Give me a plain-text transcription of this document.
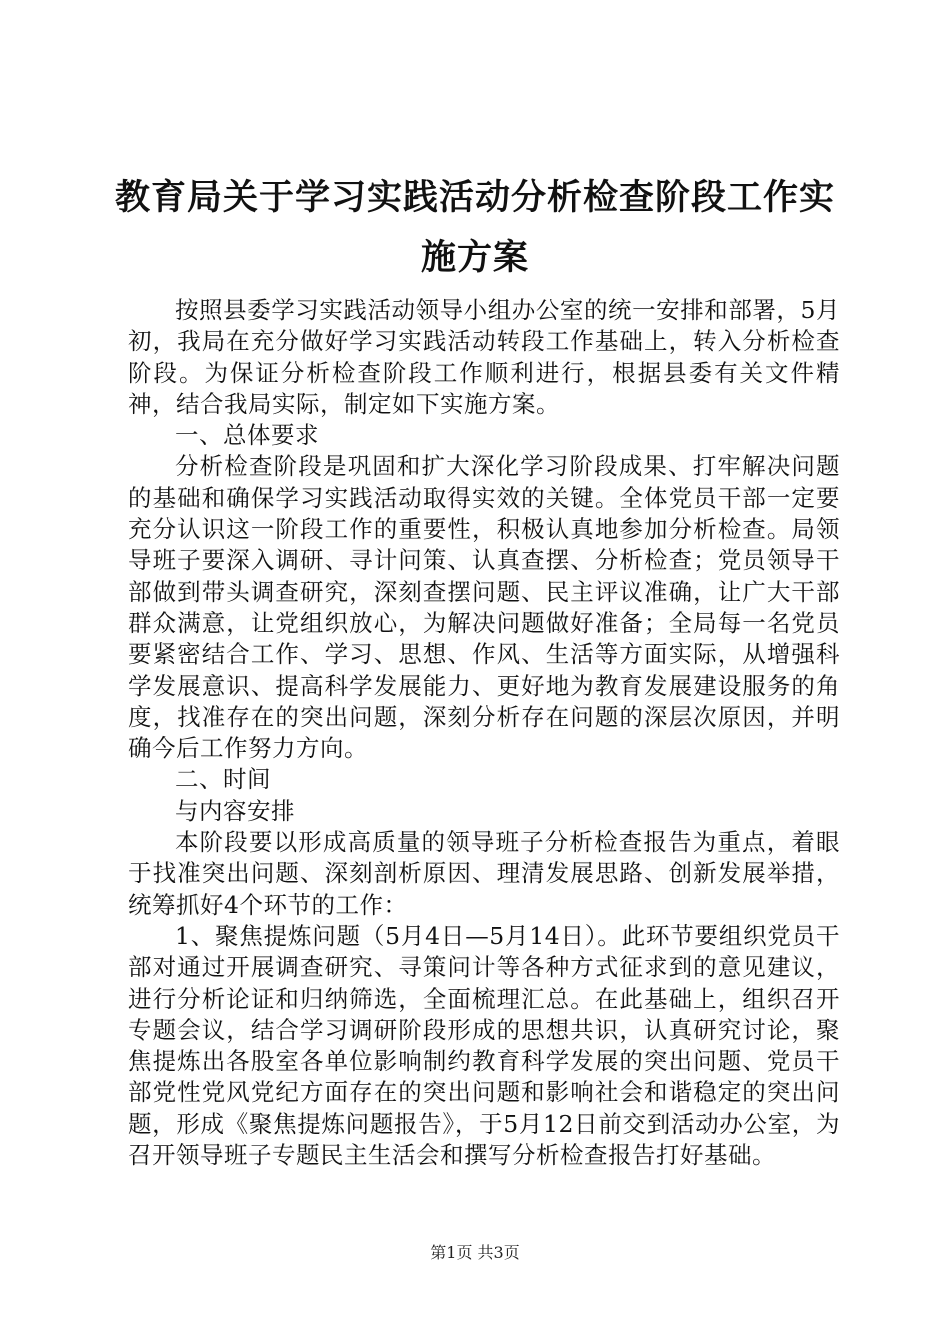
教育局关于学习实践活动分析检查阶段工作实施方案

按照县委学习实践活动领导小组办公室的统一安排和部署，5月初，我局在充分做好学习实践活动转段工作基础上，转入分析检查阶段。为保证分析检查阶段工作顺利进行，根据县委有关文件精神，结合我局实际，制定如下实施方案。

一、总体要求

分析检查阶段是巩固和扩大深化学习阶段成果、打牢解决问题的基础和确保学习实践活动取得实效的关键。全体党员干部一定要充分认识这一阶段工作的重要性，积极认真地参加分析检查。局领导班子要深入调研、寻计问策、认真查摆、分析检查；党员领导干部做到带头调查研究，深刻查摆问题、民主评议准确，让广大干部群众满意，让党组织放心，为解决问题做好准备；全局每一名党员要紧密结合工作、学习、思想、作风、生活等方面实际，从增强科学发展意识、提高科学发展能力、更好地为教育发展建设服务的角度，找准存在的突出问题，深刻分析存在问题的深层次原因，并明确今后工作努力方向。

二、时间

与内容安排

本阶段要以形成高质量的领导班子分析检查报告为重点，着眼于找准突出问题、深刻剖析原因、理清发展思路、创新发展举措，统筹抓好4个环节的工作：

1、聚焦提炼问题（5月4日—5月14日）。此环节要组织党员干部对通过开展调查研究、寻策问计等各种方式征求到的意见建议，进行分析论证和归纳筛选，全面梳理汇总。在此基础上，组织召开专题会议，结合学习调研阶段形成的思想共识，认真研究讨论，聚焦提炼出各股室各单位影响制约教育科学发展的突出问题、党员干部党性党风党纪方面存在的突出问题和影响社会和谐稳定的突出问题，形成《聚焦提炼问题报告》，于5月12日前交到活动办公室，为召开领导班子专题民主生活会和撰写分析检查报告打好基础。

第1页 共3页
